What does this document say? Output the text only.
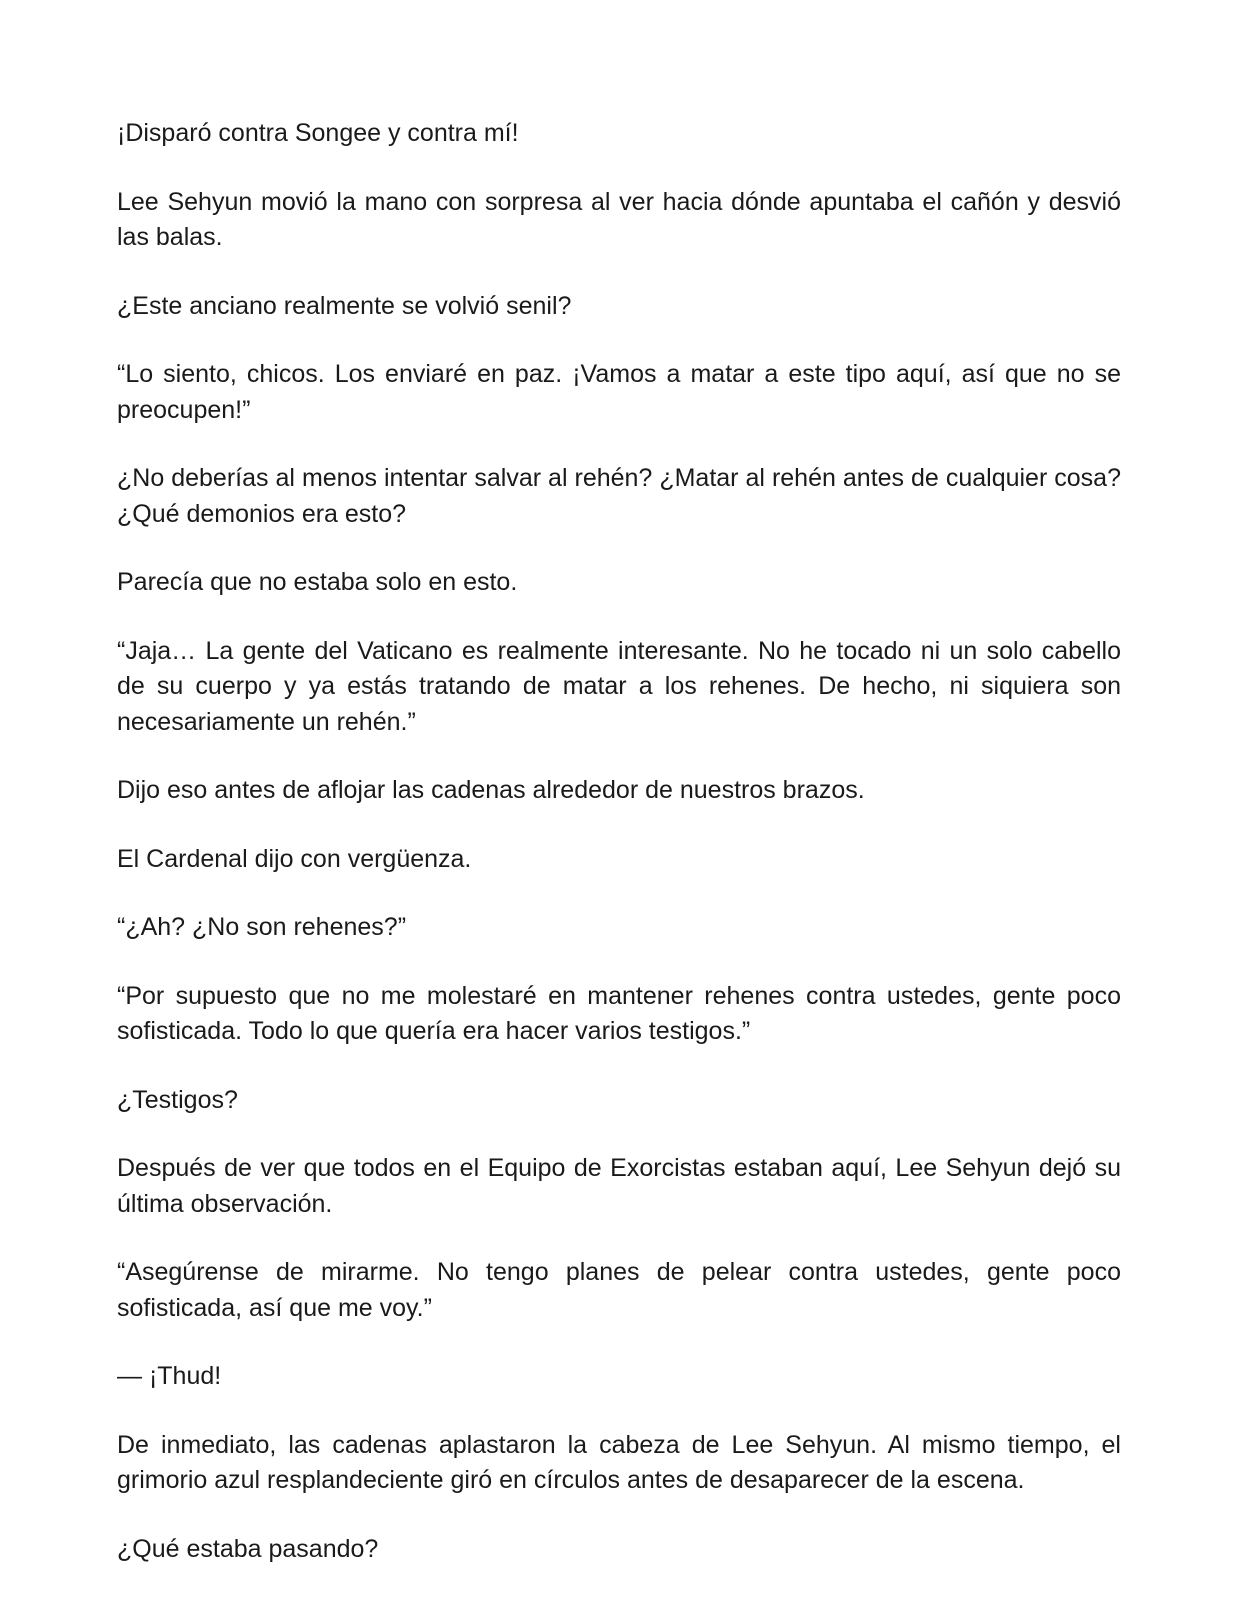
¡Disparó contra Songee y contra mí!

Lee Sehyun movió la mano con sorpresa al ver hacia dónde apuntaba el cañón y desvió las balas.

¿Este anciano realmente se volvió senil?

“Lo siento, chicos. Los enviaré en paz. ¡Vamos a matar a este tipo aquí, así que no se preocupen!”

¿No deberías al menos intentar salvar al rehén? ¿Matar al rehén antes de cualquier cosa? ¿Qué demonios era esto?

Parecía que no estaba solo en esto.

“Jaja… La gente del Vaticano es realmente interesante. No he tocado ni un solo cabello de su cuerpo y ya estás tratando de matar a los rehenes. De hecho, ni siquiera son necesariamente un rehén.”

Dijo eso antes de aflojar las cadenas alrededor de nuestros brazos.

El Cardenal dijo con vergüenza.

“¿Ah? ¿No son rehenes?”

“Por supuesto que no me molestaré en mantener rehenes contra ustedes, gente poco sofisticada. Todo lo que quería era hacer varios testigos.”

¿Testigos?

Después de ver que todos en el Equipo de Exorcistas estaban aquí, Lee Sehyun dejó su última observación.

“Asegúrense de mirarme. No tengo planes de pelear contra ustedes, gente poco sofisticada, así que me voy.”

— ¡Thud!

De inmediato, las cadenas aplastaron la cabeza de Lee Sehyun. Al mismo tiempo, el grimorio azul resplandeciente giró en círculos antes de desaparecer de la escena.

¿Qué estaba pasando?
